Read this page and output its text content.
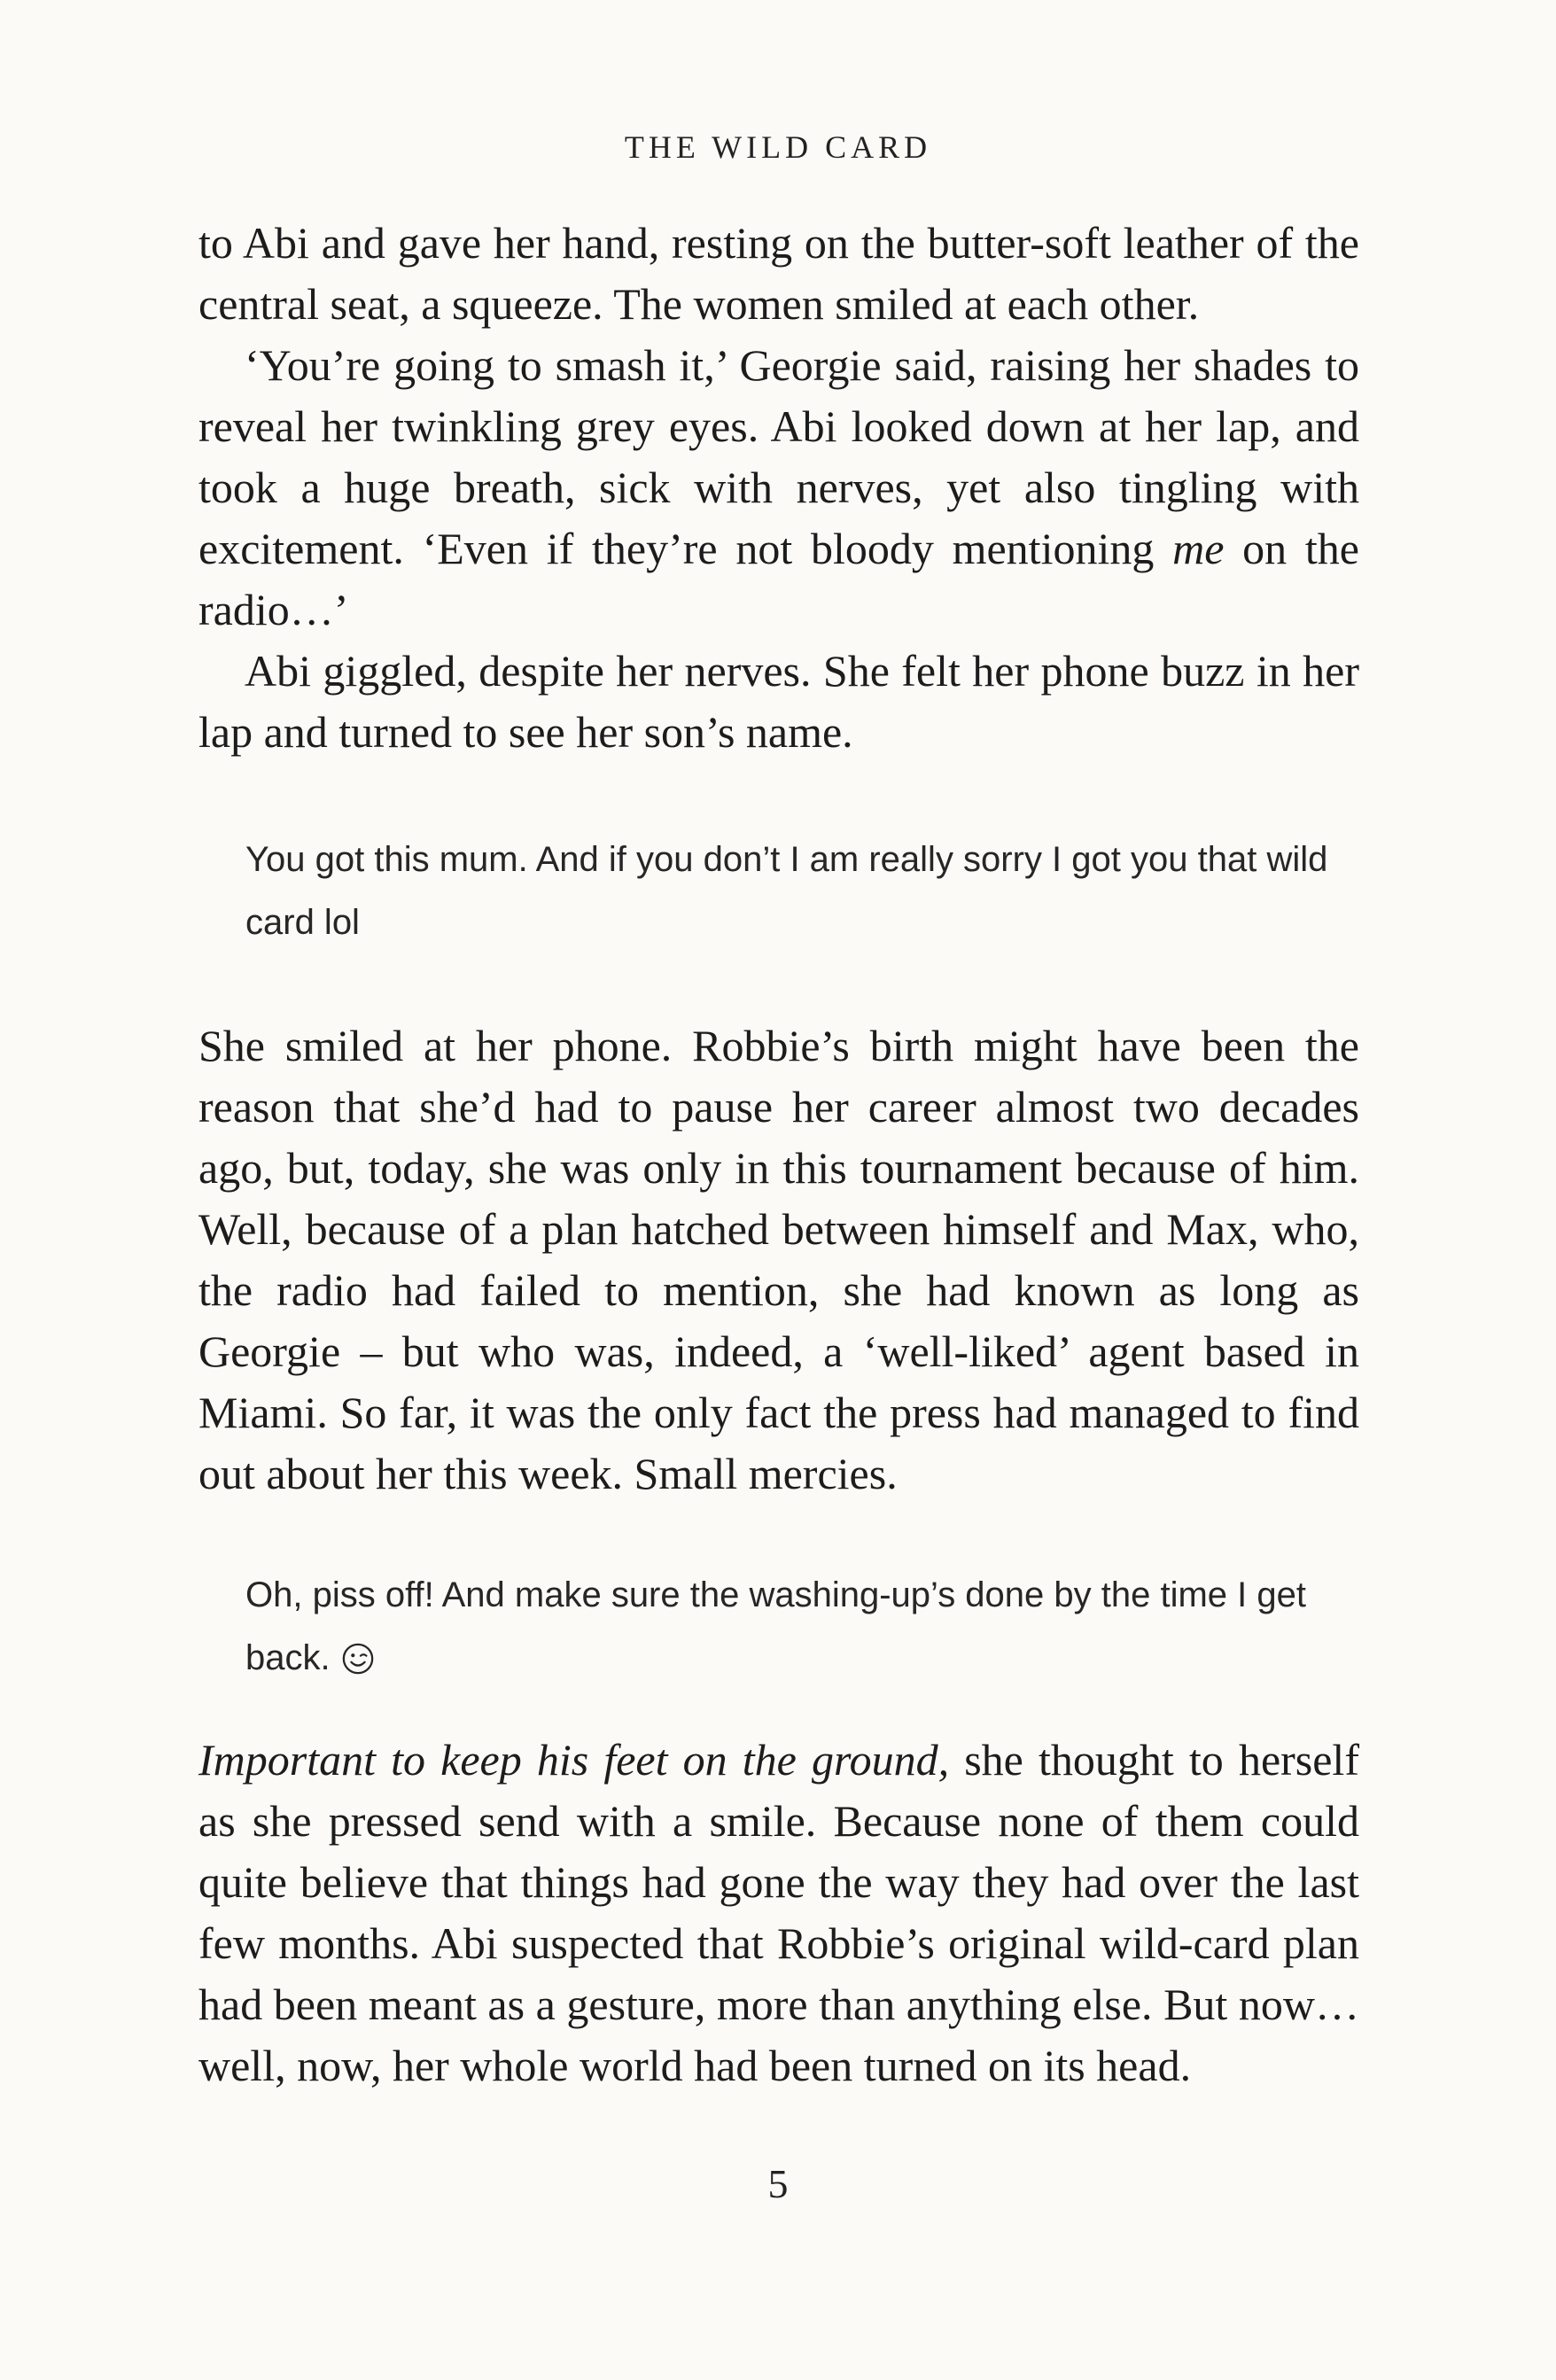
THE WILD CARD

to Abi and gave her hand, resting on the butter-soft leather of the central seat, a squeeze. The women smiled at each other.

‘You’re going to smash it,’ Georgie said, raising her shades to reveal her twinkling grey eyes. Abi looked down at her lap, and took a huge breath, sick with nerves, yet also tingling with excitement. ‘Even if they’re not bloody mentioning me on the radio…’

Abi giggled, despite her nerves. She felt her phone buzz in her lap and turned to see her son’s name.

You got this mum. And if you don’t I am really sorry I got you that wild card lol

She smiled at her phone. Robbie’s birth might have been the reason that she’d had to pause her career almost two decades ago, but, today, she was only in this tournament because of him. Well, because of a plan hatched between himself and Max, who, the radio had failed to mention, she had known as long as Georgie – but who was, indeed, a ‘well-liked’ agent based in Miami. So far, it was the only fact the press had managed to find out about her this week. Small mercies.

Oh, piss off! And make sure the washing-up’s done by the time I get back.

Important to keep his feet on the ground, she thought to herself as she pressed send with a smile. Because none of them could quite believe that things had gone the way they had over the last few months. Abi suspected that Robbie’s original wild-card plan had been meant as a gesture, more than anything else. But now… well, now, her whole world had been turned on its head.

5
